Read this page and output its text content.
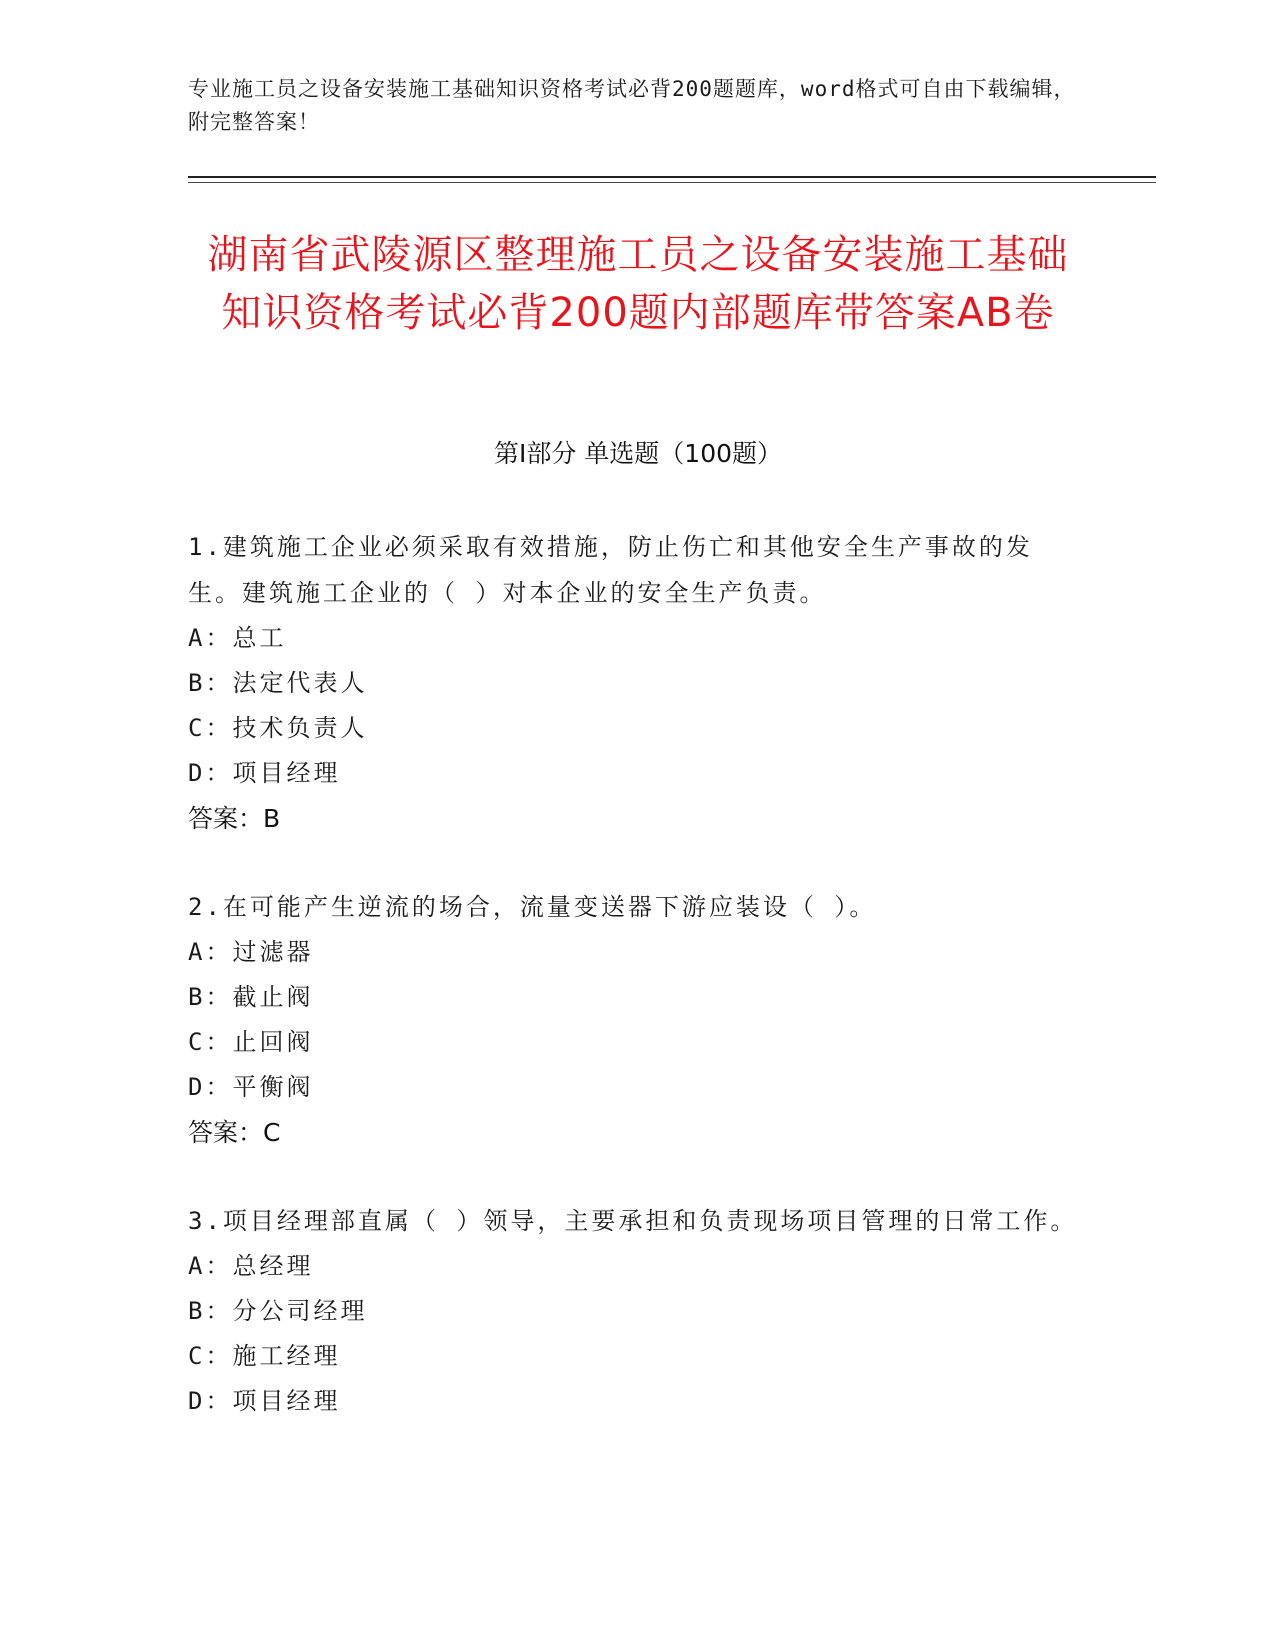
专业施工员之设备安装施工基础知识资格考试必背200题题库，word格式可自由下载编辑，附完整答案！
湖南省武陵源区整理施工员之设备安装施工基础知识资格考试必背200题内部题库带答案AB卷
第Ⅰ部分 单选题（100题）
1.建筑施工企业必须采取有效措施，防止伤亡和其他安全生产事故的发生。建筑施工企业的（ ）对本企业的安全生产负责。
A：总工
B：法定代表人
C：技术负责人
D：项目经理
答案：B
2.在可能产生逆流的场合，流量变送器下游应装设（ ）。
A：过滤器
B：截止阀
C：止回阀
D：平衡阀
答案：C
3.项目经理部直属（ ）领导，主要承担和负责现场项目管理的日常工作。
A：总经理
B：分公司经理
C：施工经理
D：项目经理
